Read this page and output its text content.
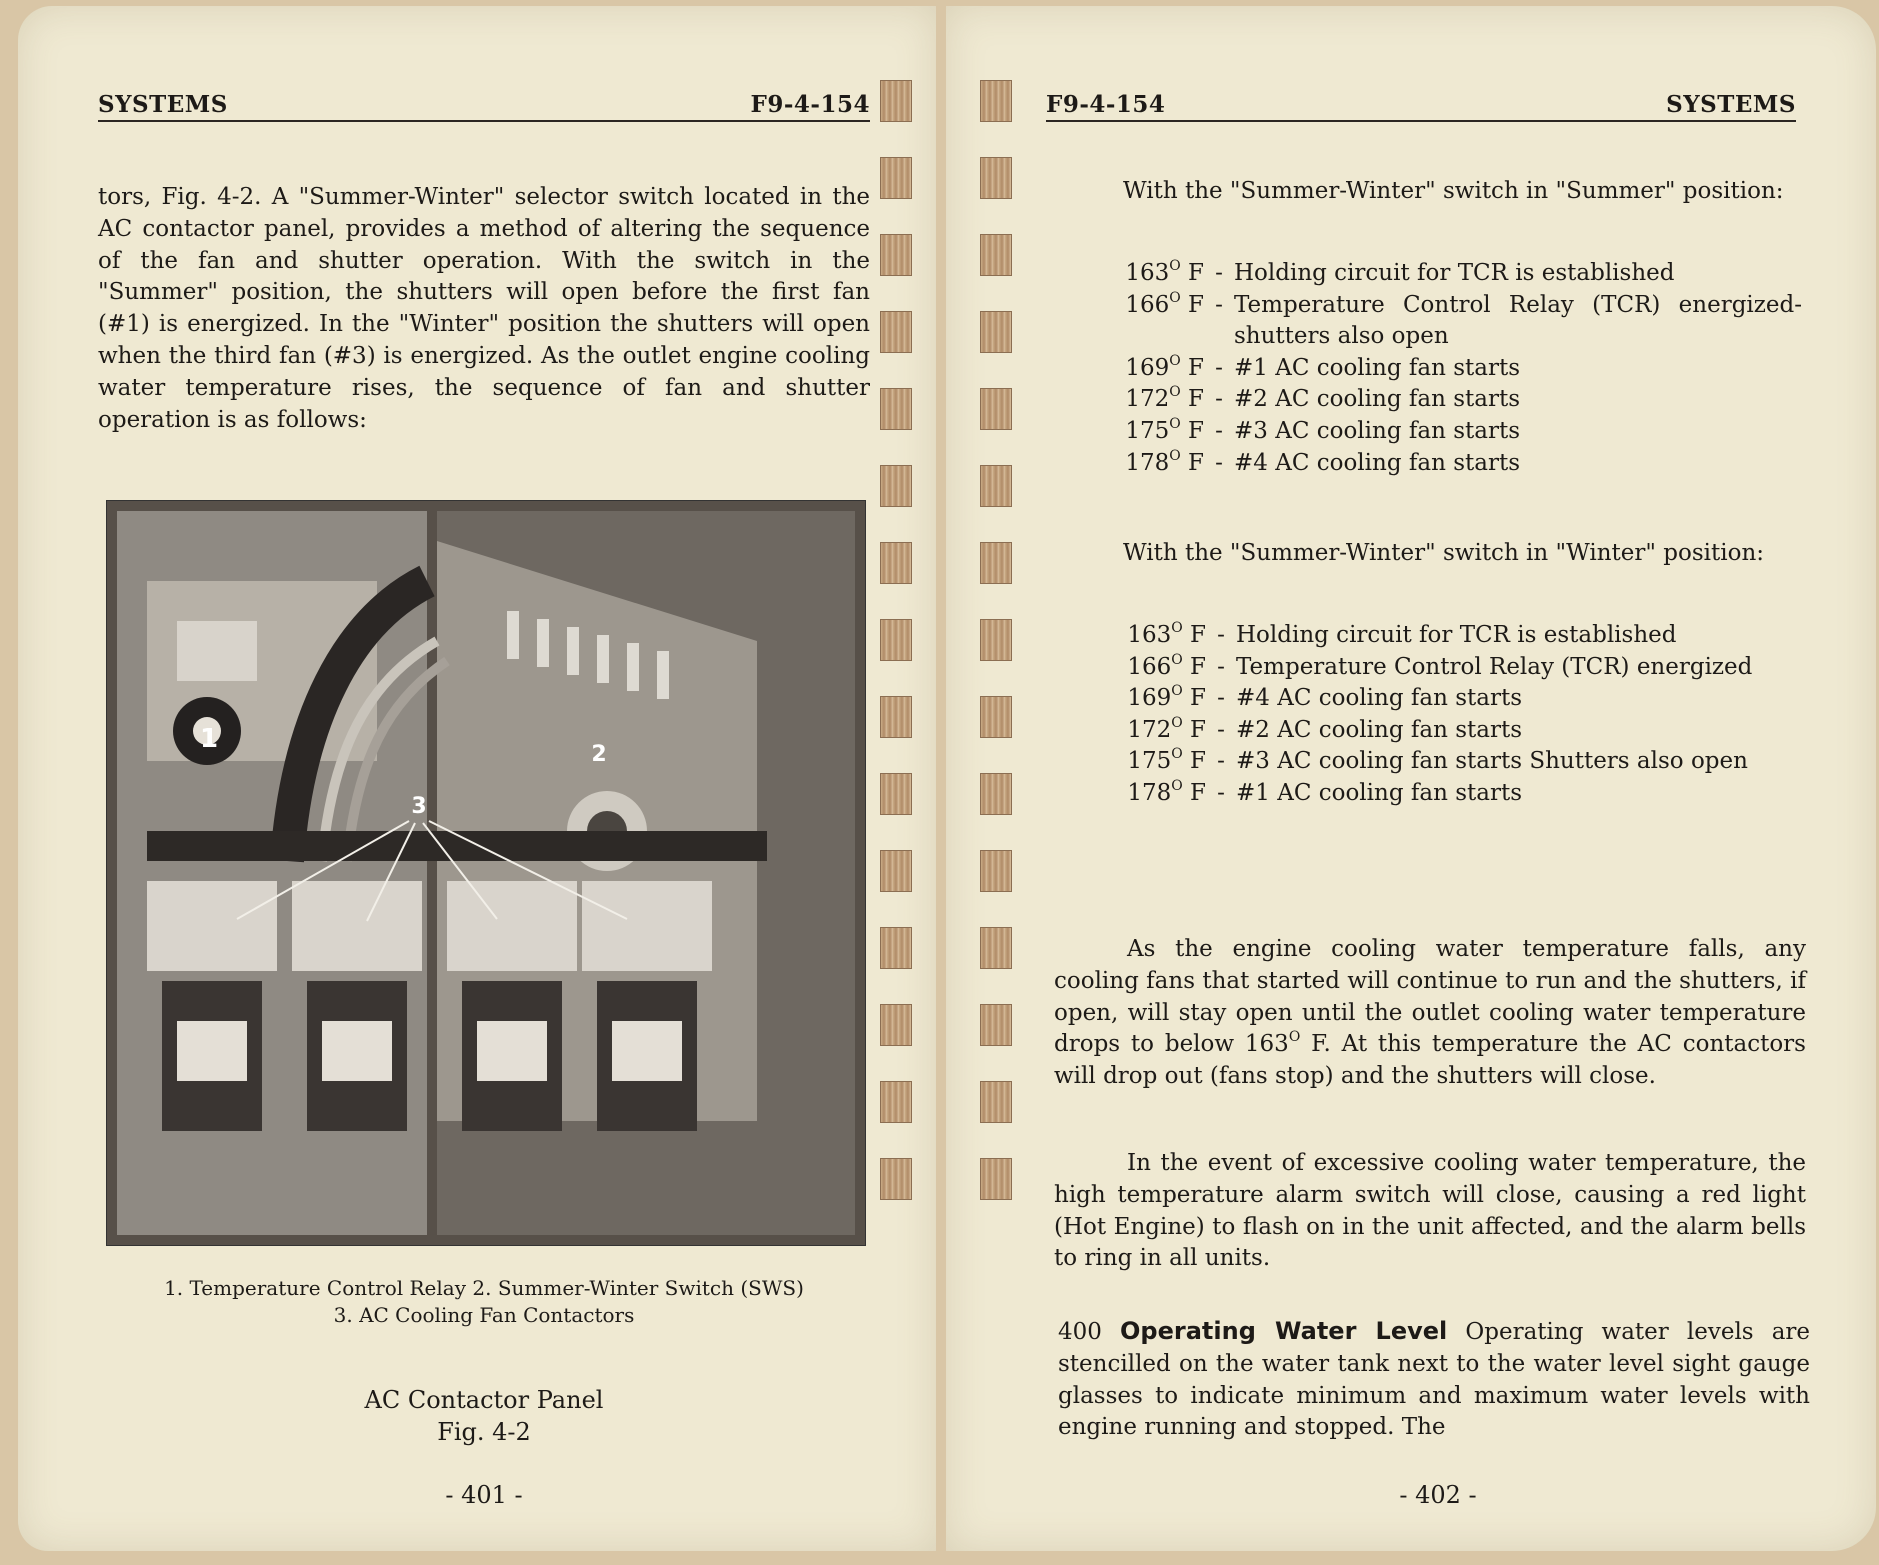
SYSTEMS	F9-4-154
tors, Fig. 4-2. A "Summer-Winter" selector switch located in the AC contactor panel, provides a method of altering the sequence of the fan and shutter operation. With the switch in the "Summer" position, the shutters will open before the first fan (#1) is energized. In the "Winter" position the shutters will open when the third fan (#3) is energized. As the outlet engine cooling water temperature rises, the sequence of fan and shutter operation is as follows:
1
2
3
1. Temperature Control Relay 2. Summer-Winter Switch (SWS)
3. AC Cooling Fan Contactors
AC Contactor Panel
Fig. 4-2
- 401 -
F9-4-154	SYSTEMS
With the "Summer-Winter" switch in "Summer" position:
$163^O$ F - Holding circuit for TCR is established
$166^O$ F - Temperature Control Relay (TCR) energized-shutters also open
$169^O$ F - #1 AC cooling fan starts
$172^O$ F - #2 AC cooling fan starts
$175^O$ F - #3 AC cooling fan starts
$178^O$ F - #4 AC cooling fan starts
With the "Summer-Winter" switch in "Winter" position:
$163^O$ F - Holding circuit for TCR is established
$166^O$ F - Temperature Control Relay (TCR) energized
$169^O$ F - #4 AC cooling fan starts
$172^O$ F - #2 AC cooling fan starts
$175^O$ F - #3 AC cooling fan starts Shutters also open
$178^O$ F - #1 AC cooling fan starts
As the engine cooling water temperature falls, any cooling fans that started will continue to run and the shutters, if open, will stay open until the outlet cooling water temperature drops to below $163^O$ F. At this temperature the AC contactors will drop out (fans stop) and the shutters will close.
In the event of excessive cooling water temperature, the high temperature alarm switch will close, causing a red light (Hot Engine) to flash on in the unit affected, and the alarm bells to ring in all units.
400 Operating Water Level Operating water levels are stencilled on the water tank next to the water level sight gauge glasses to indicate minimum and maximum water levels with engine running and stopped. The
- 402 -
